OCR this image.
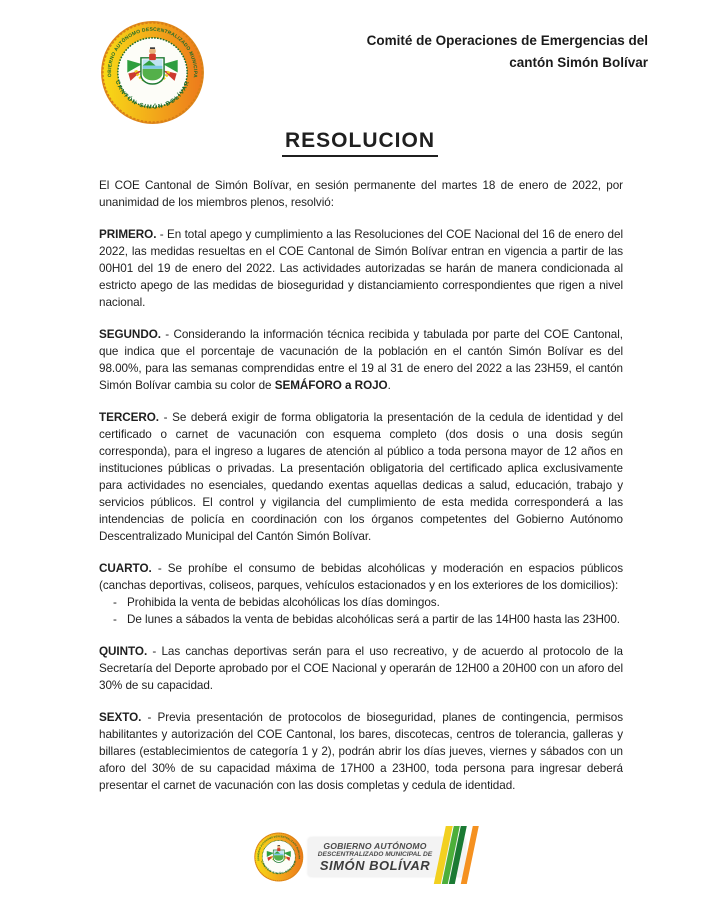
Comité de Operaciones de Emergencias del
cantón Simón Bolívar
RESOLUCION

El COE Cantonal de Simón Bolívar, en sesión permanente del martes 18 de enero de 2022, por unanimidad de los miembros plenos, resolvió:

PRIMERO. - En total apego y cumplimiento a las Resoluciones del COE Nacional del 16 de enero del 2022, las medidas resueltas en el COE Cantonal de Simón Bolívar entran en vigencia a partir de las 00H01 del 19 de enero del 2022. Las actividades autorizadas se harán de manera condicionada al estricto apego de las medidas de bioseguridad y distanciamiento correspondientes que rigen a nivel nacional.

SEGUNDO. - Considerando la información técnica recibida y tabulada por parte del COE Cantonal, que indica que el porcentaje de vacunación de la población en el cantón Simón Bolívar es del 98.00%, para las semanas comprendidas entre el 19 al 31 de enero del 2022 a las 23H59, el cantón Simón Bolívar cambia su color de SEMÁFORO a ROJO.

TERCERO. - Se deberá exigir de forma obligatoria la presentación de la cedula de identidad y del certificado o carnet de vacunación con esquema completo (dos dosis o una dosis según corresponda), para el ingreso a lugares de atención al público a toda persona mayor de 12 años en instituciones públicas o privadas. La presentación obligatoria del certificado aplica exclusivamente para actividades no esenciales, quedando exentas aquellas dedicas a salud, educación, trabajo y servicios públicos. El control y vigilancia del cumplimiento de esta medida corresponderá a las intendencias de policía en coordinación con los órganos competentes del Gobierno Autónomo Descentralizado Municipal del Cantón Simón Bolívar.

CUARTO. - Se prohíbe el consumo de bebidas alcohólicas y moderación en espacios públicos (canchas deportivas, coliseos, parques, vehículos estacionados y en los exteriores de los domicilios):

- Prohibida la venta de bebidas alcohólicas los días domingos.
- De lunes a sábados la venta de bebidas alcohólicas será a partir de las 14H00 hasta las 23H00.

QUINTO. - Las canchas deportivas serán para el uso recreativo, y de acuerdo al protocolo de la Secretaría del Deporte aprobado por el COE Nacional y operarán de 12H00 a 20H00 con un aforo del 30% de su capacidad.

SEXTO. - Previa presentación de protocolos de bioseguridad, planes de contingencia, permisos habilitantes y autorización del COE Cantonal, los bares, discotecas, centros de tolerancia, galleras y billares (establecimientos de categoría 1 y 2), podrán abrir los días jueves, viernes y sábados con un aforo del 30% de su capacidad máxima de 17H00 a 23H00, toda persona para ingresar deberá presentar el carnet de vacunación con las dosis completas y cedula de identidad.

GOBIERNO AUTÓNOMO
DESCENTRALIZADO MUNICIPAL DE
SIMÓN BOLÍVAR
